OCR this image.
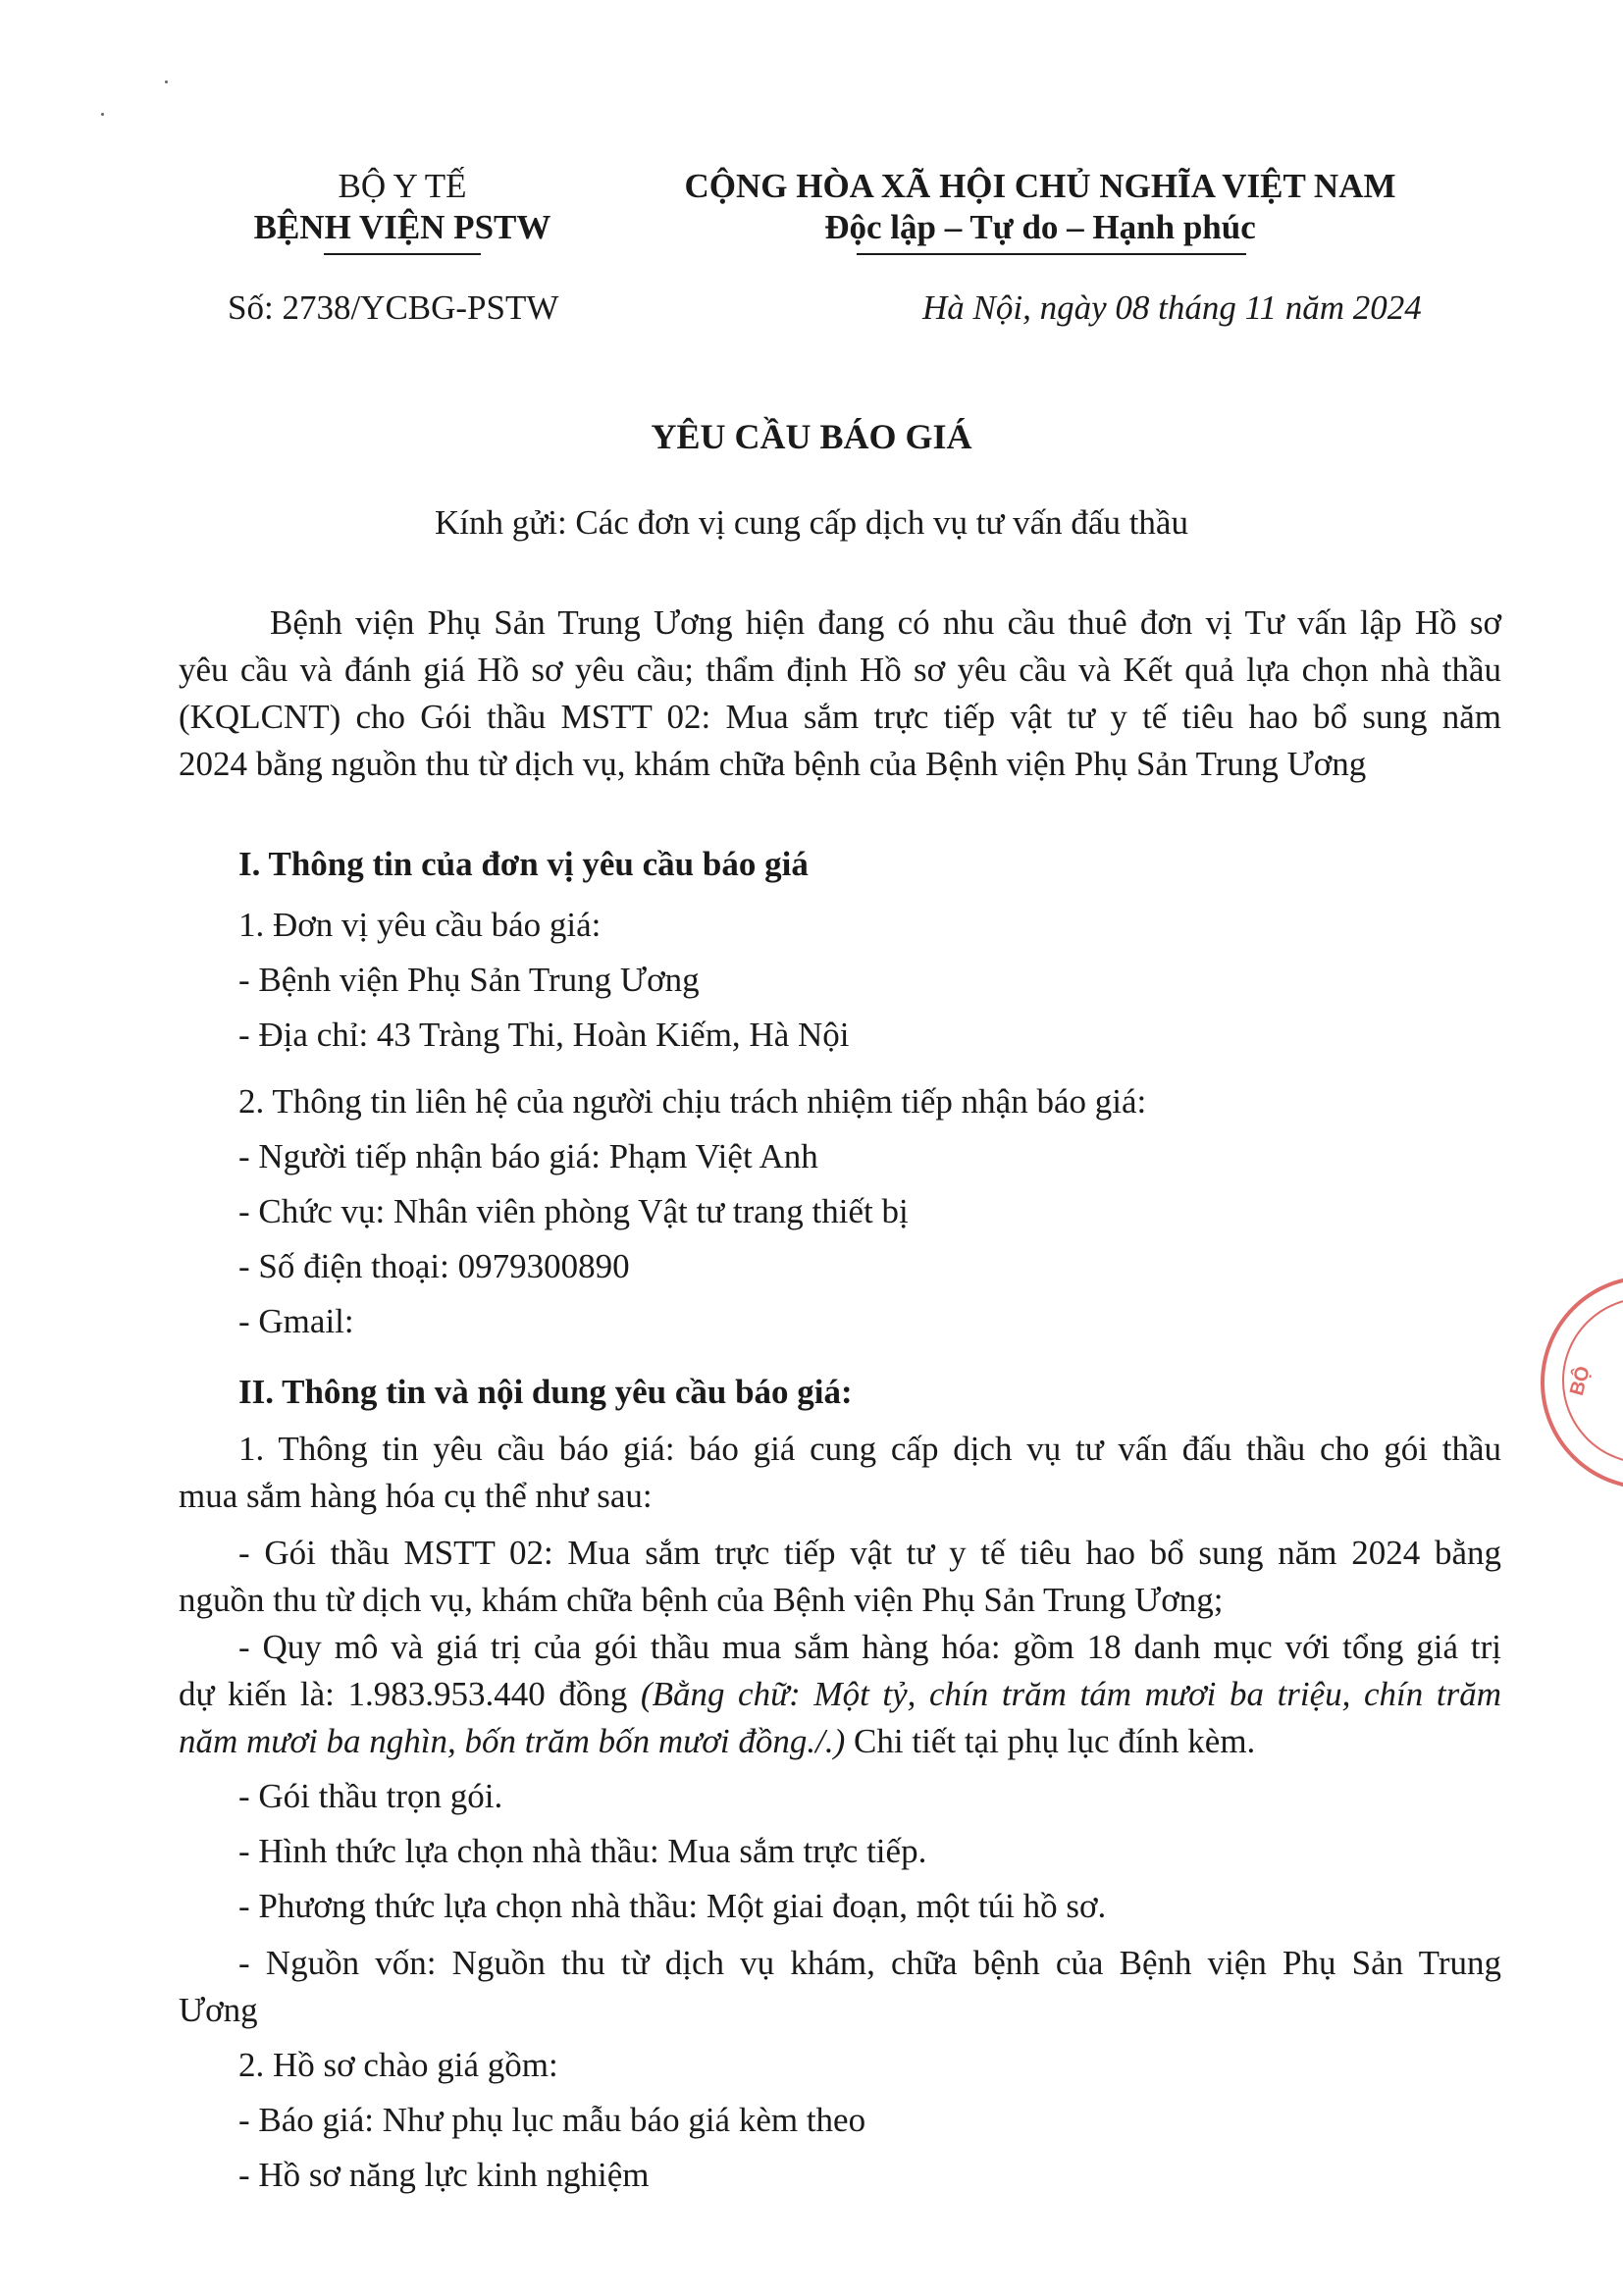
BỘ Y TẾ
BỆNH VIỆN PSTW
CỘNG HÒA XÃ HỘI CHỦ NGHĨA VIỆT NAM
Độc lập – Tự do – Hạnh phúc
Số: 2738/YCBG-PSTW	Hà Nội, ngày 08 tháng 11 năm 2024
YÊU CẦU BÁO GIÁ
Kính gửi: Các đơn vị cung cấp dịch vụ tư vấn đấu thầu
Bệnh viện Phụ Sản Trung Ương hiện đang có nhu cầu thuê đơn vị Tư vấn lập Hồ sơ
yêu cầu và đánh giá Hồ sơ yêu cầu; thẩm định Hồ sơ yêu cầu và Kết quả lựa chọn nhà thầu
(KQLCNT) cho Gói thầu MSTT 02: Mua sắm trực tiếp vật tư y tế tiêu hao bổ sung năm
2024 bằng nguồn thu từ dịch vụ, khám chữa bệnh của Bệnh viện Phụ Sản Trung Ương
I. Thông tin của đơn vị yêu cầu báo giá
1. Đơn vị yêu cầu báo giá:
- Bệnh viện Phụ Sản Trung Ương
- Địa chỉ: 43 Tràng Thi, Hoàn Kiếm, Hà Nội
2. Thông tin liên hệ của người chịu trách nhiệm tiếp nhận báo giá:
- Người tiếp nhận báo giá: Phạm Việt Anh
- Chức vụ: Nhân viên phòng Vật tư trang thiết bị
- Số điện thoại: 0979300890
- Gmail:
II. Thông tin và nội dung yêu cầu báo giá:
1. Thông tin yêu cầu báo giá: báo giá cung cấp dịch vụ tư vấn đấu thầu cho gói thầu
mua sắm hàng hóa cụ thể như sau:
- Gói thầu MSTT 02: Mua sắm trực tiếp vật tư y tế tiêu hao bổ sung năm 2024 bằng
nguồn thu từ dịch vụ, khám chữa bệnh của Bệnh viện Phụ Sản Trung Ương;
- Quy mô và giá trị của gói thầu mua sắm hàng hóa: gồm 18 danh mục với tổng giá trị
dự kiến là: 1.983.953.440 đồng (Bằng chữ: Một tỷ, chín trăm tám mươi ba triệu, chín trăm
năm mươi ba nghìn, bốn trăm bốn mươi đồng./.) Chi tiết tại phụ lục đính kèm.
- Gói thầu trọn gói.
- Hình thức lựa chọn nhà thầu: Mua sắm trực tiếp.
- Phương thức lựa chọn nhà thầu: Một giai đoạn, một túi hồ sơ.
- Nguồn vốn: Nguồn thu từ dịch vụ khám, chữa bệnh của Bệnh viện Phụ Sản Trung
Ương
2. Hồ sơ chào giá gồm:
- Báo giá: Như phụ lục mẫu báo giá kèm theo
- Hồ sơ năng lực kinh nghiệm
BỘ
